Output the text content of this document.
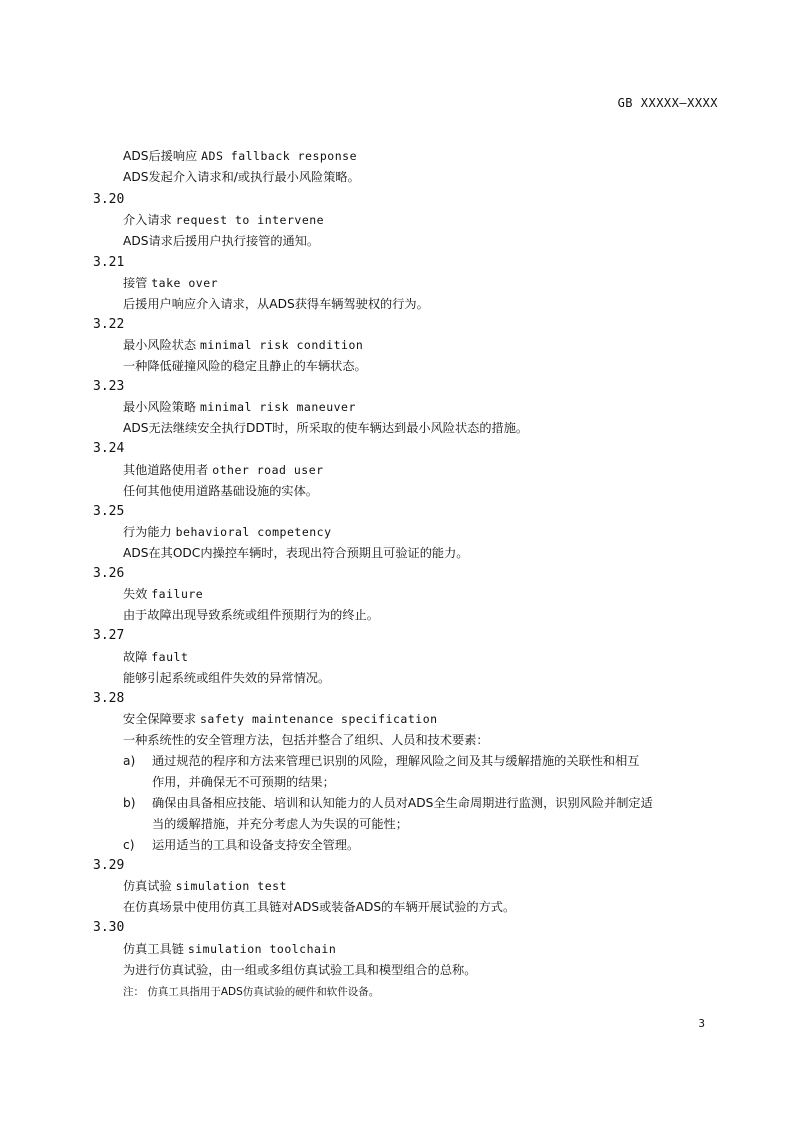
GB XXXXX—XXXX
ADS后援响应 ADS fallback response
ADS发起介入请求和/或执行最小风险策略。
3.20
介入请求 request to intervene
ADS请求后援用户执行接管的通知。
3.21
接管 take over
后援用户响应介入请求，从ADS获得车辆驾驶权的行为。
3.22
最小风险状态 minimal risk condition
一种降低碰撞风险的稳定且静止的车辆状态。
3.23
最小风险策略 minimal risk maneuver
ADS无法继续安全执行DDT时，所采取的使车辆达到最小风险状态的措施。
3.24
其他道路使用者 other road user
任何其他使用道路基础设施的实体。
3.25
行为能力 behavioral competency
ADS在其ODC内操控车辆时，表现出符合预期且可验证的能力。
3.26
失效 failure
由于故障出现导致系统或组件预期行为的终止。
3.27
故障 fault
能够引起系统或组件失效的异常情况。
3.28
安全保障要求 safety maintenance specification
一种系统性的安全管理方法，包括并整合了组织、人员和技术要素：
a) 通过规范的程序和方法来管理已识别的风险，理解风险之间及其与缓解措施的关联性和相互
作用，并确保无不可预期的结果；
b) 确保由具备相应技能、培训和认知能力的人员对ADS全生命周期进行监测，识别风险并制定适
当的缓解措施，并充分考虑人为失误的可能性；
c) 运用适当的工具和设备支持安全管理。
3.29
仿真试验 simulation test
在仿真场景中使用仿真工具链对ADS或装备ADS的车辆开展试验的方式。
3.30
仿真工具链 simulation toolchain
为进行仿真试验，由一组或多组仿真试验工具和模型组合的总称。
注： 仿真工具指用于ADS仿真试验的硬件和软件设备。
3
